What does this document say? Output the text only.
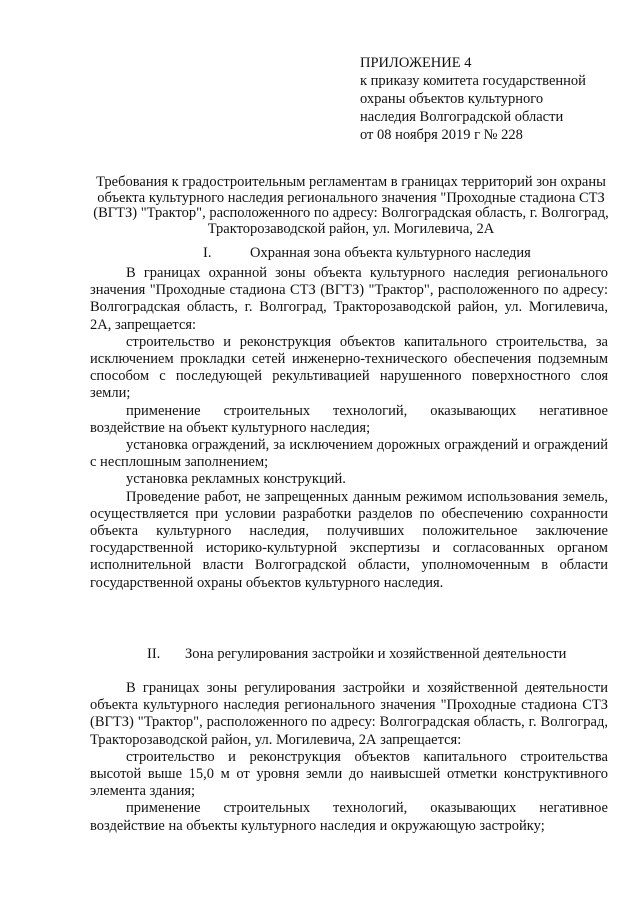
ПРИЛОЖЕНИЕ 4
к приказу комитета государственной
охраны объектов культурного
наследия Волгоградской области
от 08 ноября 2019 г № 228
Требования к градостроительным регламентам в границах территорий зон охраны объекта культурного наследия регионального значения "Проходные стадиона СТЗ (ВГТЗ) "Трактор", расположенного по адресу: Волгоградская область, г. Волгоград, Тракторозаводской район, ул. Могилевича, 2А
I.	Охранная зона объекта культурного наследия

В границах охранной зоны объекта культурного наследия регионального значения "Проходные стадиона СТЗ (ВГТЗ) "Трактор", расположенного по адресу: Волгоградская область, г. Волгоград, Тракторозаводской район, ул. Могилевича, 2А, запрещается:

строительство и реконструкция объектов капитального строительства, за исключением прокладки сетей инженерно-технического обеспечения подземным способом с последующей рекультивацией нарушенного поверхностного слоя земли;

применение строительных технологий, оказывающих негативное воздействие на объект культурного наследия;

установка ограждений, за исключением дорожных ограждений и ограждений с несплошным заполнением;

установка рекламных конструкций.

Проведение работ, не запрещенных данным режимом использования земель, осуществляется при условии разработки разделов по обеспечению сохранности объекта культурного наследия, получивших положительное заключение государственной историко-культурной экспертизы и согласованных органом исполнительной власти Волгоградской области, уполномоченным в области государственной охраны объектов культурного наследия.

II. Зона регулирования застройки и хозяйственной деятельности

В границах зоны регулирования застройки и хозяйственной деятельности объекта культурного наследия регионального значения "Проходные стадиона СТЗ (ВГТЗ) "Трактор", расположенного по адресу: Волгоградская область, г. Волгоград, Тракторозаводской район, ул. Могилевича, 2А запрещается:

строительство и реконструкция объектов капитального строительства высотой выше 15,0 м от уровня земли до наивысшей отметки конструктивного элемента здания;

применение строительных технологий, оказывающих негативное воздействие на объекты культурного наследия и окружающую застройку;
